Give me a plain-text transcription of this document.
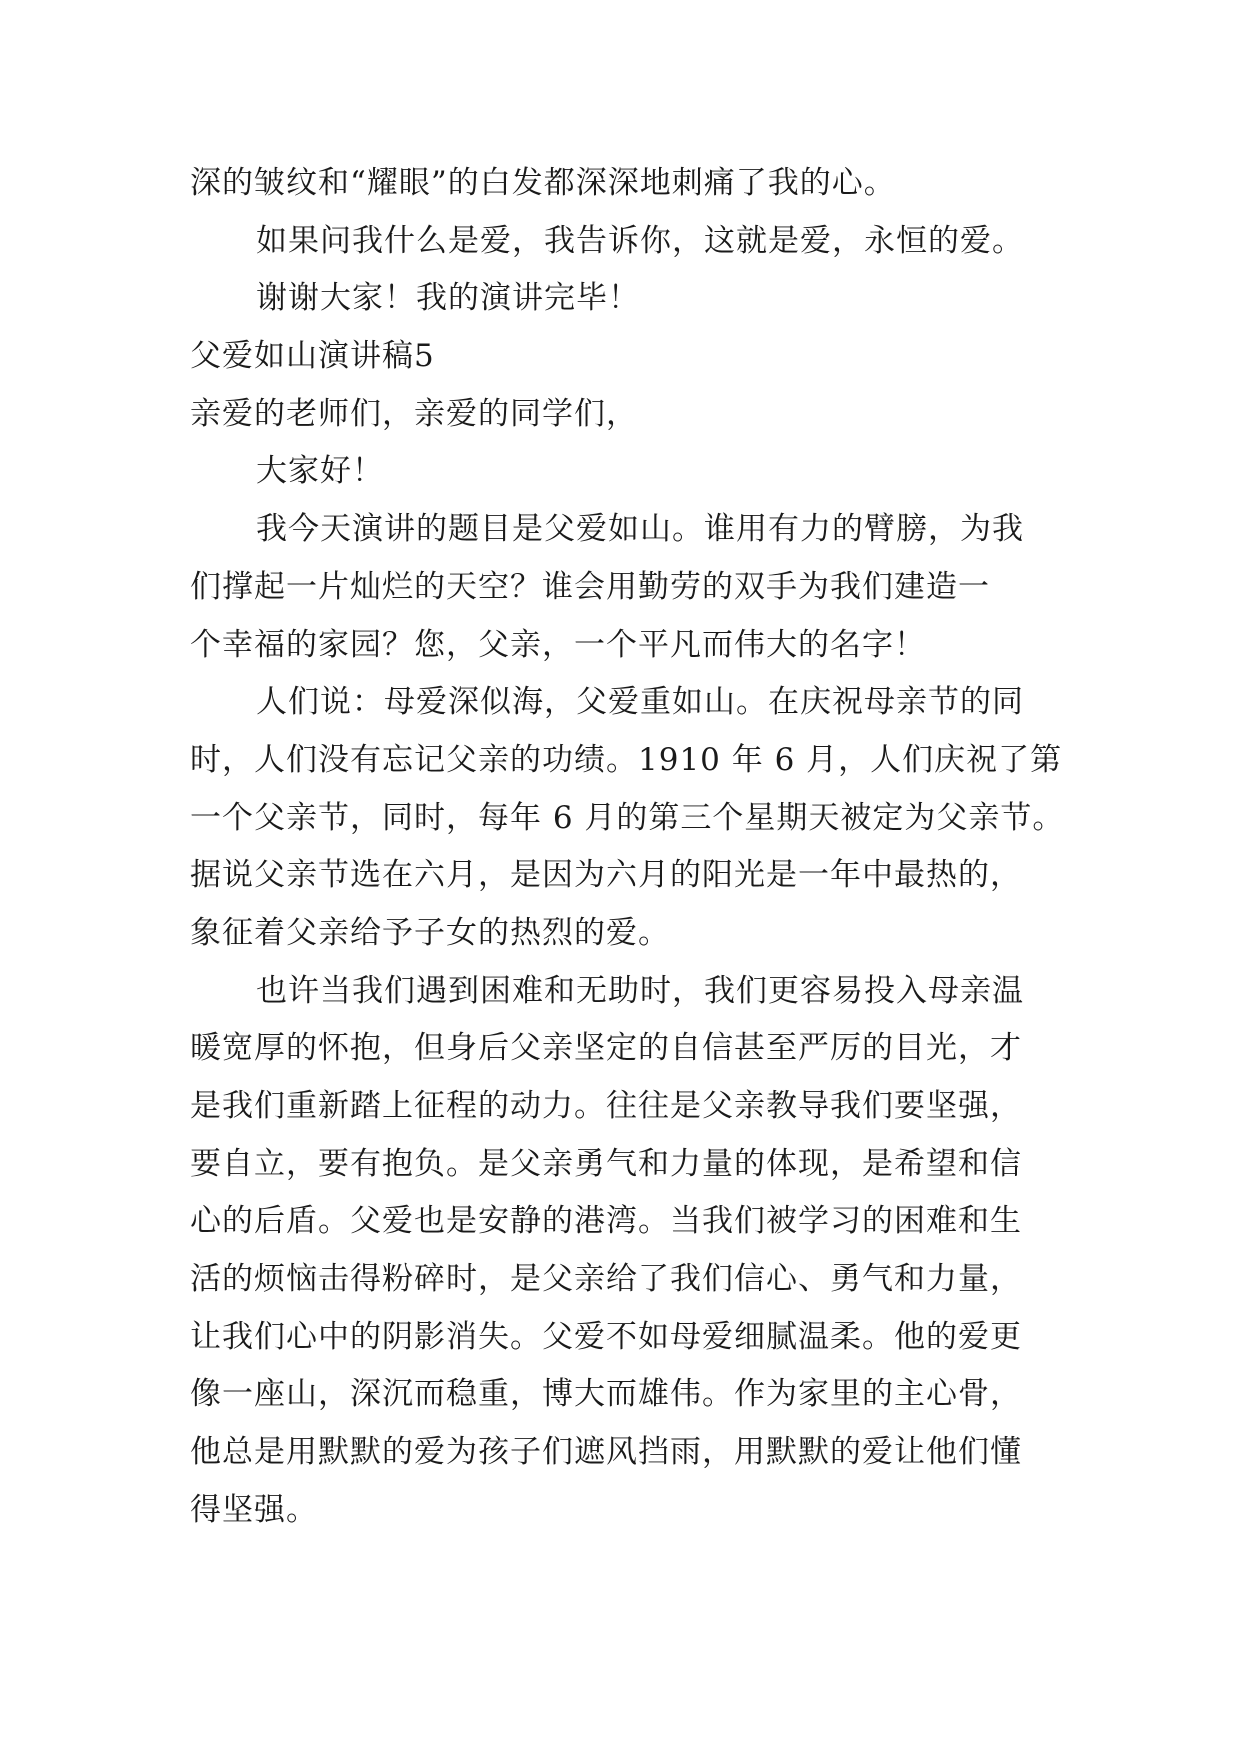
深的皱纹和“耀眼”的白发都深深地刺痛了我的心。
如果问我什么是爱，我告诉你，这就是爱，永恒的爱。
谢谢大家！我的演讲完毕！
父爱如山演讲稿5
亲爱的老师们，亲爱的同学们，
大家好！
我今天演讲的题目是父爱如山。谁用有力的臂膀，为我
们撑起一片灿烂的天空？谁会用勤劳的双手为我们建造一
个幸福的家园？您，父亲，一个平凡而伟大的名字！
人们说：母爱深似海，父爱重如山。在庆祝母亲节的同
时，人们没有忘记父亲的功绩。1910 年 6 月，人们庆祝了第
一个父亲节，同时，每年 6 月的第三个星期天被定为父亲节。
据说父亲节选在六月，是因为六月的阳光是一年中最热的，
象征着父亲给予子女的热烈的爱。
也许当我们遇到困难和无助时，我们更容易投入母亲温
暖宽厚的怀抱，但身后父亲坚定的自信甚至严厉的目光，才
是我们重新踏上征程的动力。往往是父亲教导我们要坚强，
要自立，要有抱负。是父亲勇气和力量的体现，是希望和信
心的后盾。父爱也是安静的港湾。当我们被学习的困难和生
活的烦恼击得粉碎时，是父亲给了我们信心、勇气和力量，
让我们心中的阴影消失。父爱不如母爱细腻温柔。他的爱更
像一座山，深沉而稳重，博大而雄伟。作为家里的主心骨，
他总是用默默的爱为孩子们遮风挡雨，用默默的爱让他们懂
得坚强。
